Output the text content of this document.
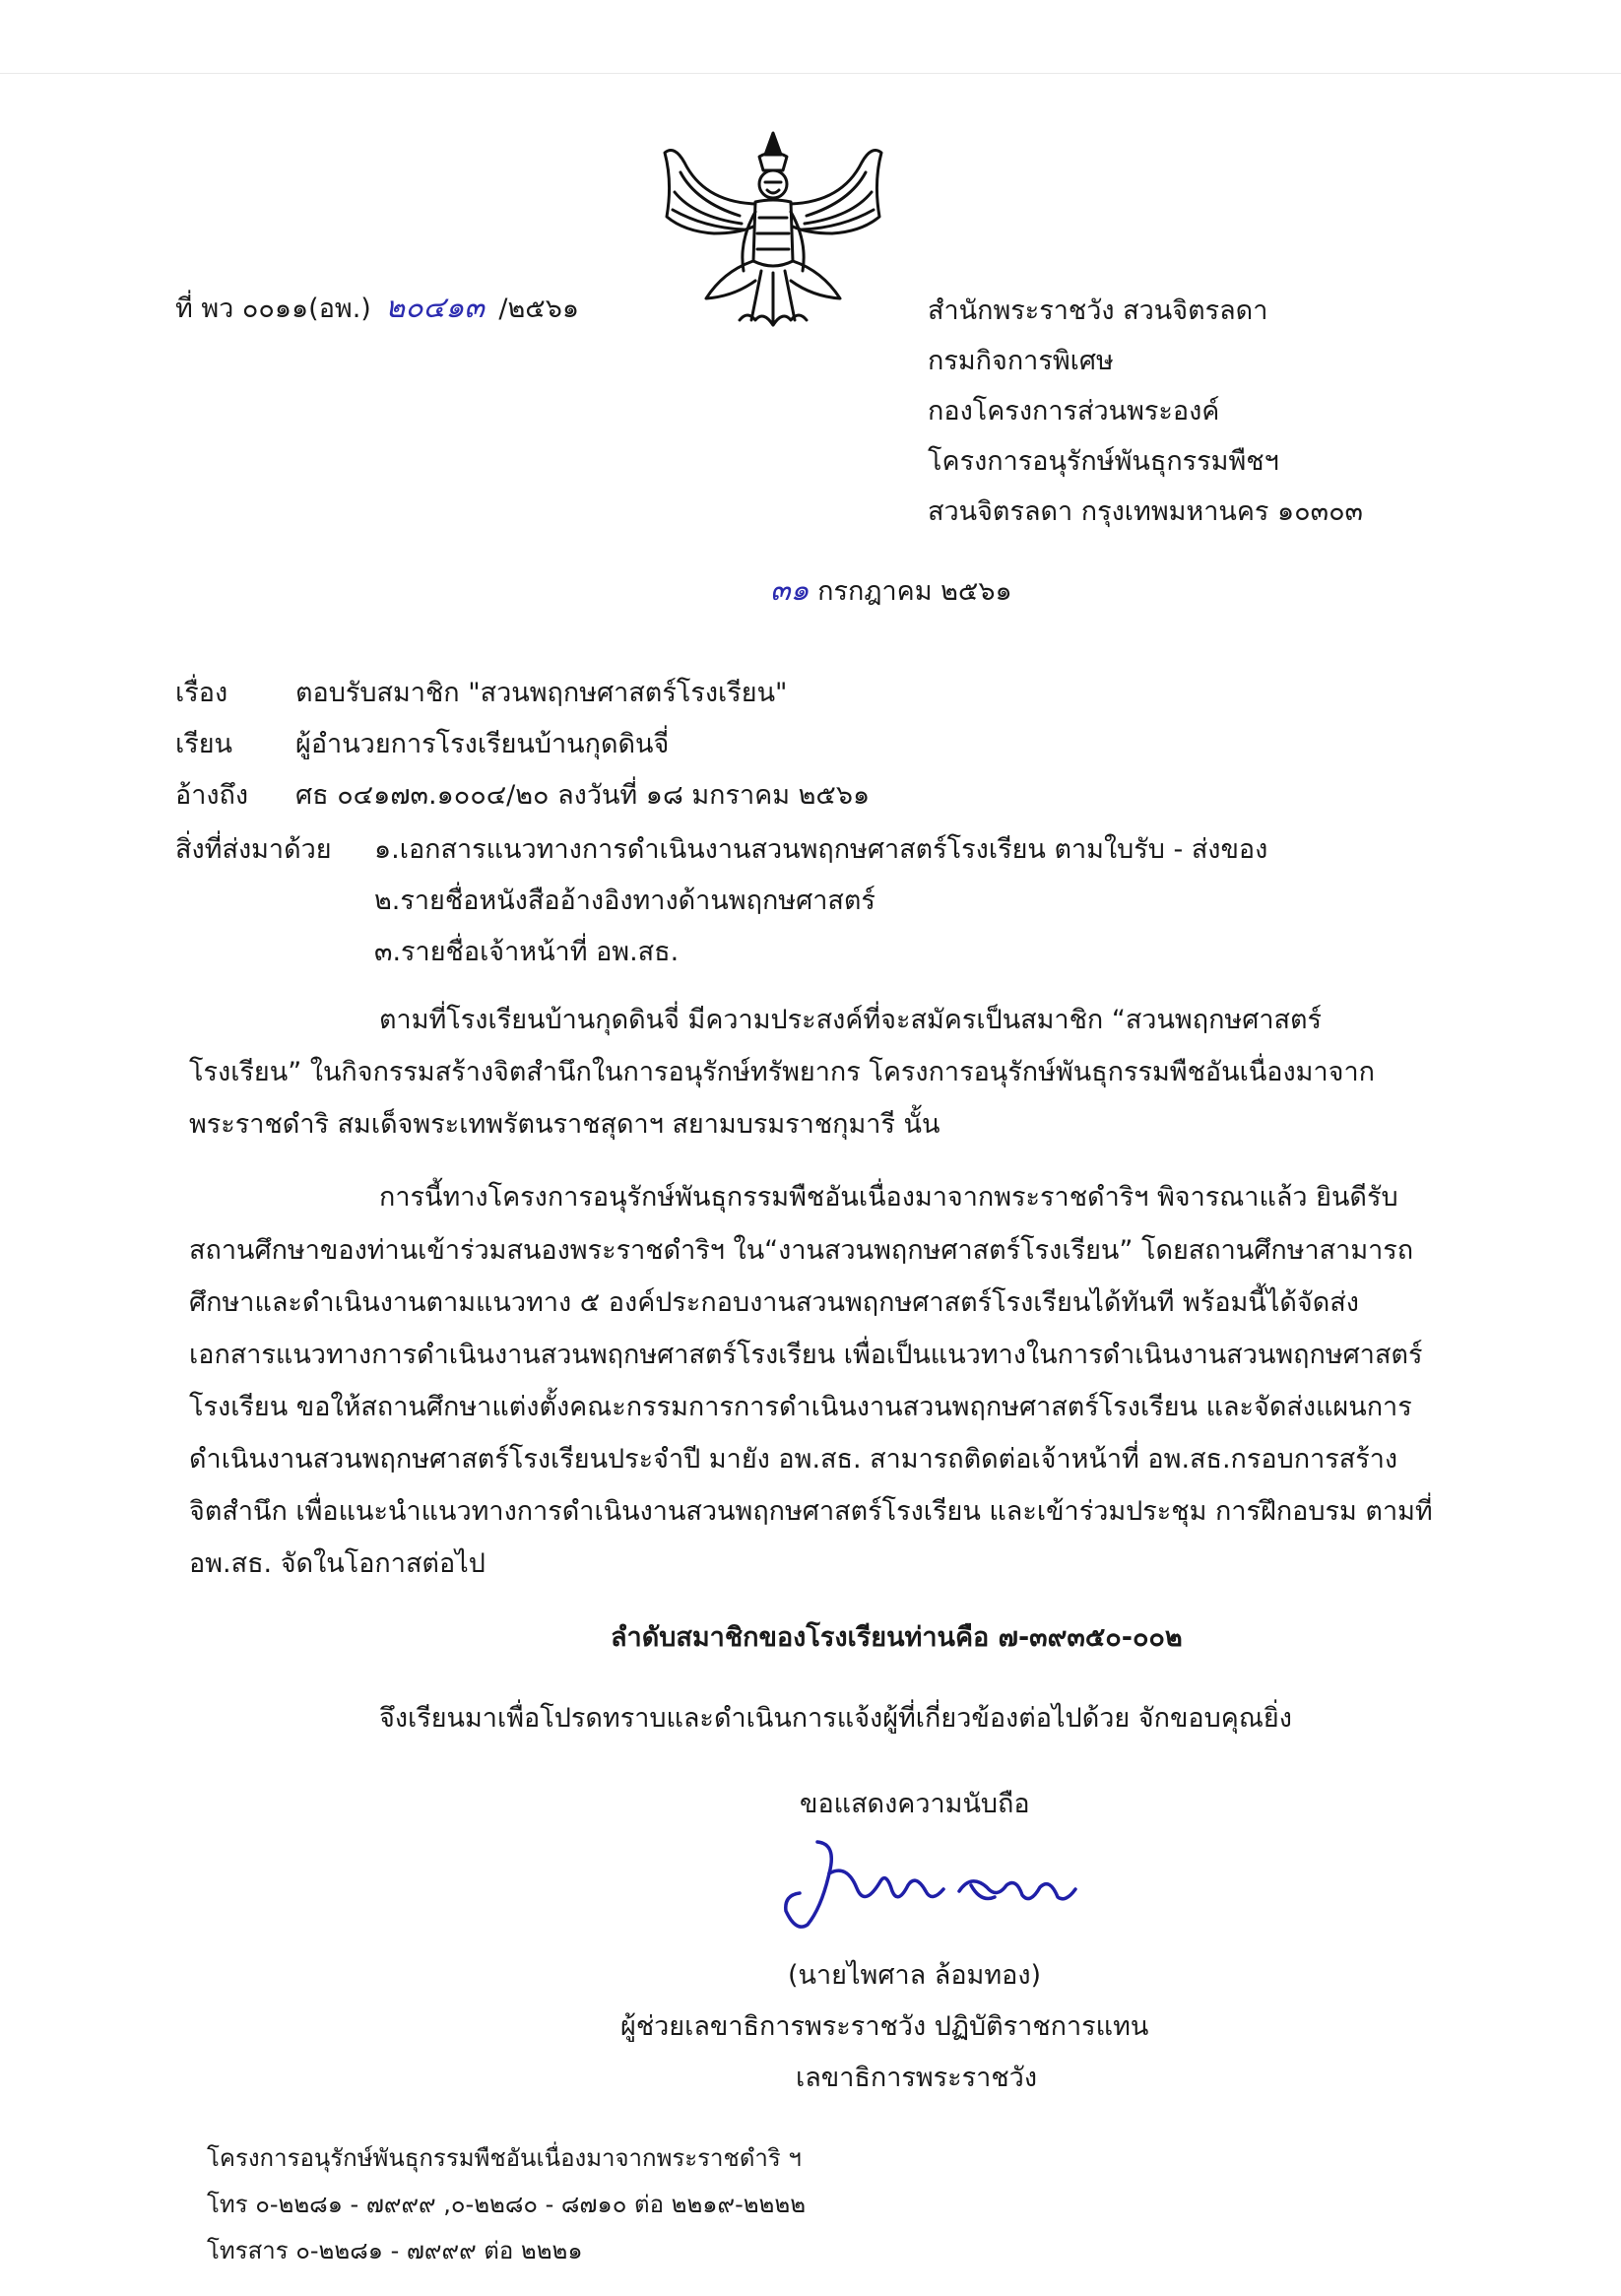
ที่ พว ๐๐๑๑(อพ.) ๒๐๔๑๓ /๒๕๖๑	สำนักพระราชวัง สวนจิตรลดา
กรมกิจการพิเศษ
กองโครงการส่วนพระองค์
โครงการอนุรักษ์พันธุกรรมพืชฯ
สวนจิตรลดา กรุงเทพมหานคร ๑๐๓๐๓
๓๑ กรกฎาคม ๒๕๖๑
เรื่อง	ตอบรับสมาชิก "สวนพฤกษศาสตร์โรงเรียน"
เรียน ผู้อำนวยการโรงเรียนบ้านกุดดินจี่
อ้างถึง ศธ ๐๔๑๗๓.๑๐๐๔/๒๐ ลงวันที่ ๑๘ มกราคม ๒๕๖๑
สิ่งที่ส่งมาด้วย ๑.เอกสารแนวทางการดำเนินงานสวนพฤกษศาสตร์โรงเรียน ตามใบรับ - ส่งของ
๒.รายชื่อหนังสืออ้างอิงทางด้านพฤกษศาสตร์
๓.รายชื่อเจ้าหน้าที่ อพ.สธ.
ตามที่โรงเรียนบ้านกุดดินจี่ มีความประสงค์ที่จะสมัครเป็นสมาชิก “สวนพฤกษศาสตร์
โรงเรียน” ในกิจกรรมสร้างจิตสำนึกในการอนุรักษ์ทรัพยากร โครงการอนุรักษ์พันธุกรรมพืชอันเนื่องมาจาก
พระราชดำริ สมเด็จพระเทพรัตนราชสุดาฯ สยามบรมราชกุมารี นั้น
การนี้ทางโครงการอนุรักษ์พันธุกรรมพืชอันเนื่องมาจากพระราชดำริฯ พิจารณาแล้ว ยินดีรับ
สถานศึกษาของท่านเข้าร่วมสนองพระราชดำริฯ ใน“งานสวนพฤกษศาสตร์โรงเรียน” โดยสถานศึกษาสามารถ
ศึกษาและดำเนินงานตามแนวทาง ๕ องค์ประกอบงานสวนพฤกษศาสตร์โรงเรียนได้ทันที พร้อมนี้ได้จัดส่ง
เอกสารแนวทางการดำเนินงานสวนพฤกษศาสตร์โรงเรียน เพื่อเป็นแนวทางในการดำเนินงานสวนพฤกษศาสตร์
โรงเรียน ขอให้สถานศึกษาแต่งตั้งคณะกรรมการการดำเนินงานสวนพฤกษศาสตร์โรงเรียน และจัดส่งแผนการ
ดำเนินงานสวนพฤกษศาสตร์โรงเรียนประจำปี มายัง อพ.สธ. สามารถติดต่อเจ้าหน้าที่ อพ.สธ.กรอบการสร้าง
จิตสำนึก เพื่อแนะนำแนวทางการดำเนินงานสวนพฤกษศาสตร์โรงเรียน และเข้าร่วมประชุม การฝึกอบรม ตามที่
อพ.สธ. จัดในโอกาสต่อไป
ลำดับสมาชิกของโรงเรียนท่านคือ ๗-๓๙๓๕๐-๐๐๒
จึงเรียนมาเพื่อโปรดทราบและดำเนินการแจ้งผู้ที่เกี่ยวข้องต่อไปด้วย จักขอบคุณยิ่ง
ขอแสดงความนับถือ
(นายไพศาล ล้อมทอง)
ผู้ช่วยเลขาธิการพระราชวัง ปฏิบัติราชการแทน
เลขาธิการพระราชวัง
โครงการอนุรักษ์พันธุกรรมพืชอันเนื่องมาจากพระราชดำริ ฯ
โทร ๐-๒๒๘๑ - ๗๙๙๙ ,๐-๒๒๘๐ - ๘๗๑๐ ต่อ ๒๒๑๙-๒๒๒๒
โทรสาร ๐-๒๒๘๑ - ๗๙๙๙ ต่อ ๒๒๒๑
